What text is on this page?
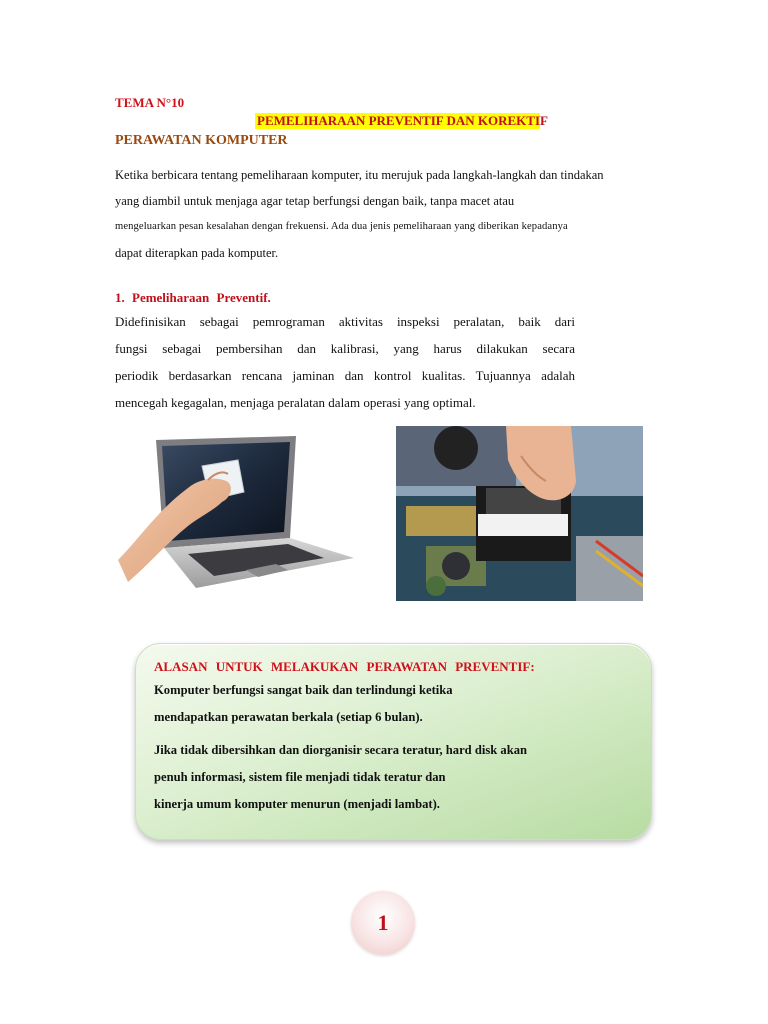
TEMA N°10
PEMELIHARAAN PREVENTIF DAN KOREKTIF
PERAWATAN KOMPUTER
Ketika berbicara tentang pemeliharaan komputer, itu merujuk pada langkah-langkah dan tindakan
yang diambil untuk menjaga agar tetap berfungsi dengan baik, tanpa macet atau
mengeluarkan pesan kesalahan dengan frekuensi. Ada dua jenis pemeliharaan yang diberikan kepadanya
dapat diterapkan pada komputer.
1. Pemeliharaan Preventif.
Didefinisikan sebagai pemrograman aktivitas inspeksi peralatan, baik dari
fungsi sebagai pembersihan dan kalibrasi, yang harus dilakukan secara
periodik berdasarkan rencana jaminan dan kontrol kualitas. Tujuannya adalah
mencegah kegagalan, menjaga peralatan dalam operasi yang optimal.
ALASAN UNTUK MELAKUKAN PERAWATAN PREVENTIF:
Komputer berfungsi sangat baik dan terlindungi ketika
mendapatkan perawatan berkala (setiap 6 bulan).
Jika tidak dibersihkan dan diorganisir secara teratur, hard disk akan
penuh informasi, sistem file menjadi tidak teratur dan
kinerja umum komputer menurun (menjadi lambat).
1
